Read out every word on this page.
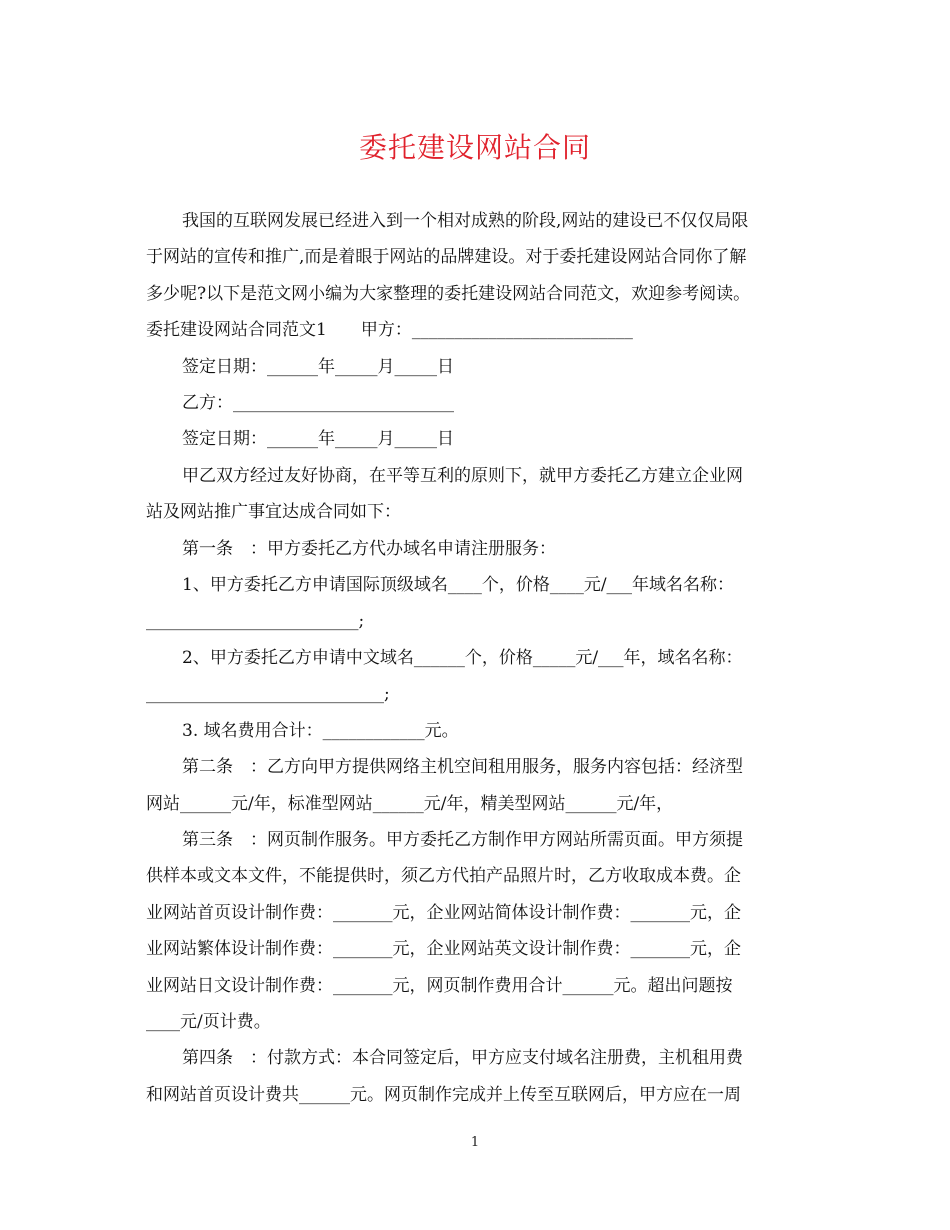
委托建设网站合同

我国的互联网发展已经进入到一个相对成熟的阶段,网站的建设已不仅仅局限

于网站的宣传和推广,而是着眼于网站的品牌建设。对于委托建设网站合同你了解

多少呢?以下是范文网小编为大家整理的委托建设网站合同范文，欢迎参考阅读。

委托建设网站合同范文1　　甲方：__________________________

签定日期：______年_____月_____日

乙方：__________________________

签定日期：______年_____月_____日

甲乙双方经过友好协商，在平等互利的原则下，就甲方委托乙方建立企业网

站及网站推广事宜达成合同如下：

第一条　：甲方委托乙方代办域名申请注册服务：

1、甲方委托乙方申请国际顶级域名____个，价格____元/___年域名名称：

_________________________;

2、甲方委托乙方申请中文域名______个，价格_____元/___年，域名名称：

____________________________;

3. 域名费用合计：____________元。

第二条　：乙方向甲方提供网络主机空间租用服务，服务内容包括：经济型

网站______元/年，标准型网站______元/年，精美型网站______元/年，

第三条　：网页制作服务。甲方委托乙方制作甲方网站所需页面。甲方须提

供样本或文本文件，不能提供时，须乙方代拍产品照片时，乙方收取成本费。企

业网站首页设计制作费：_______元，企业网站简体设计制作费：_______元，企

业网站繁体设计制作费：_______元，企业网站英文设计制作费：_______元，企

业网站日文设计制作费：_______元，网页制作费用合计______元。超出问题按

____元/页计费。

第四条　：付款方式：本合同签定后，甲方应支付域名注册费，主机租用费

和网站首页设计费共______元。网页制作完成并上传至互联网后，甲方应在一周

1
